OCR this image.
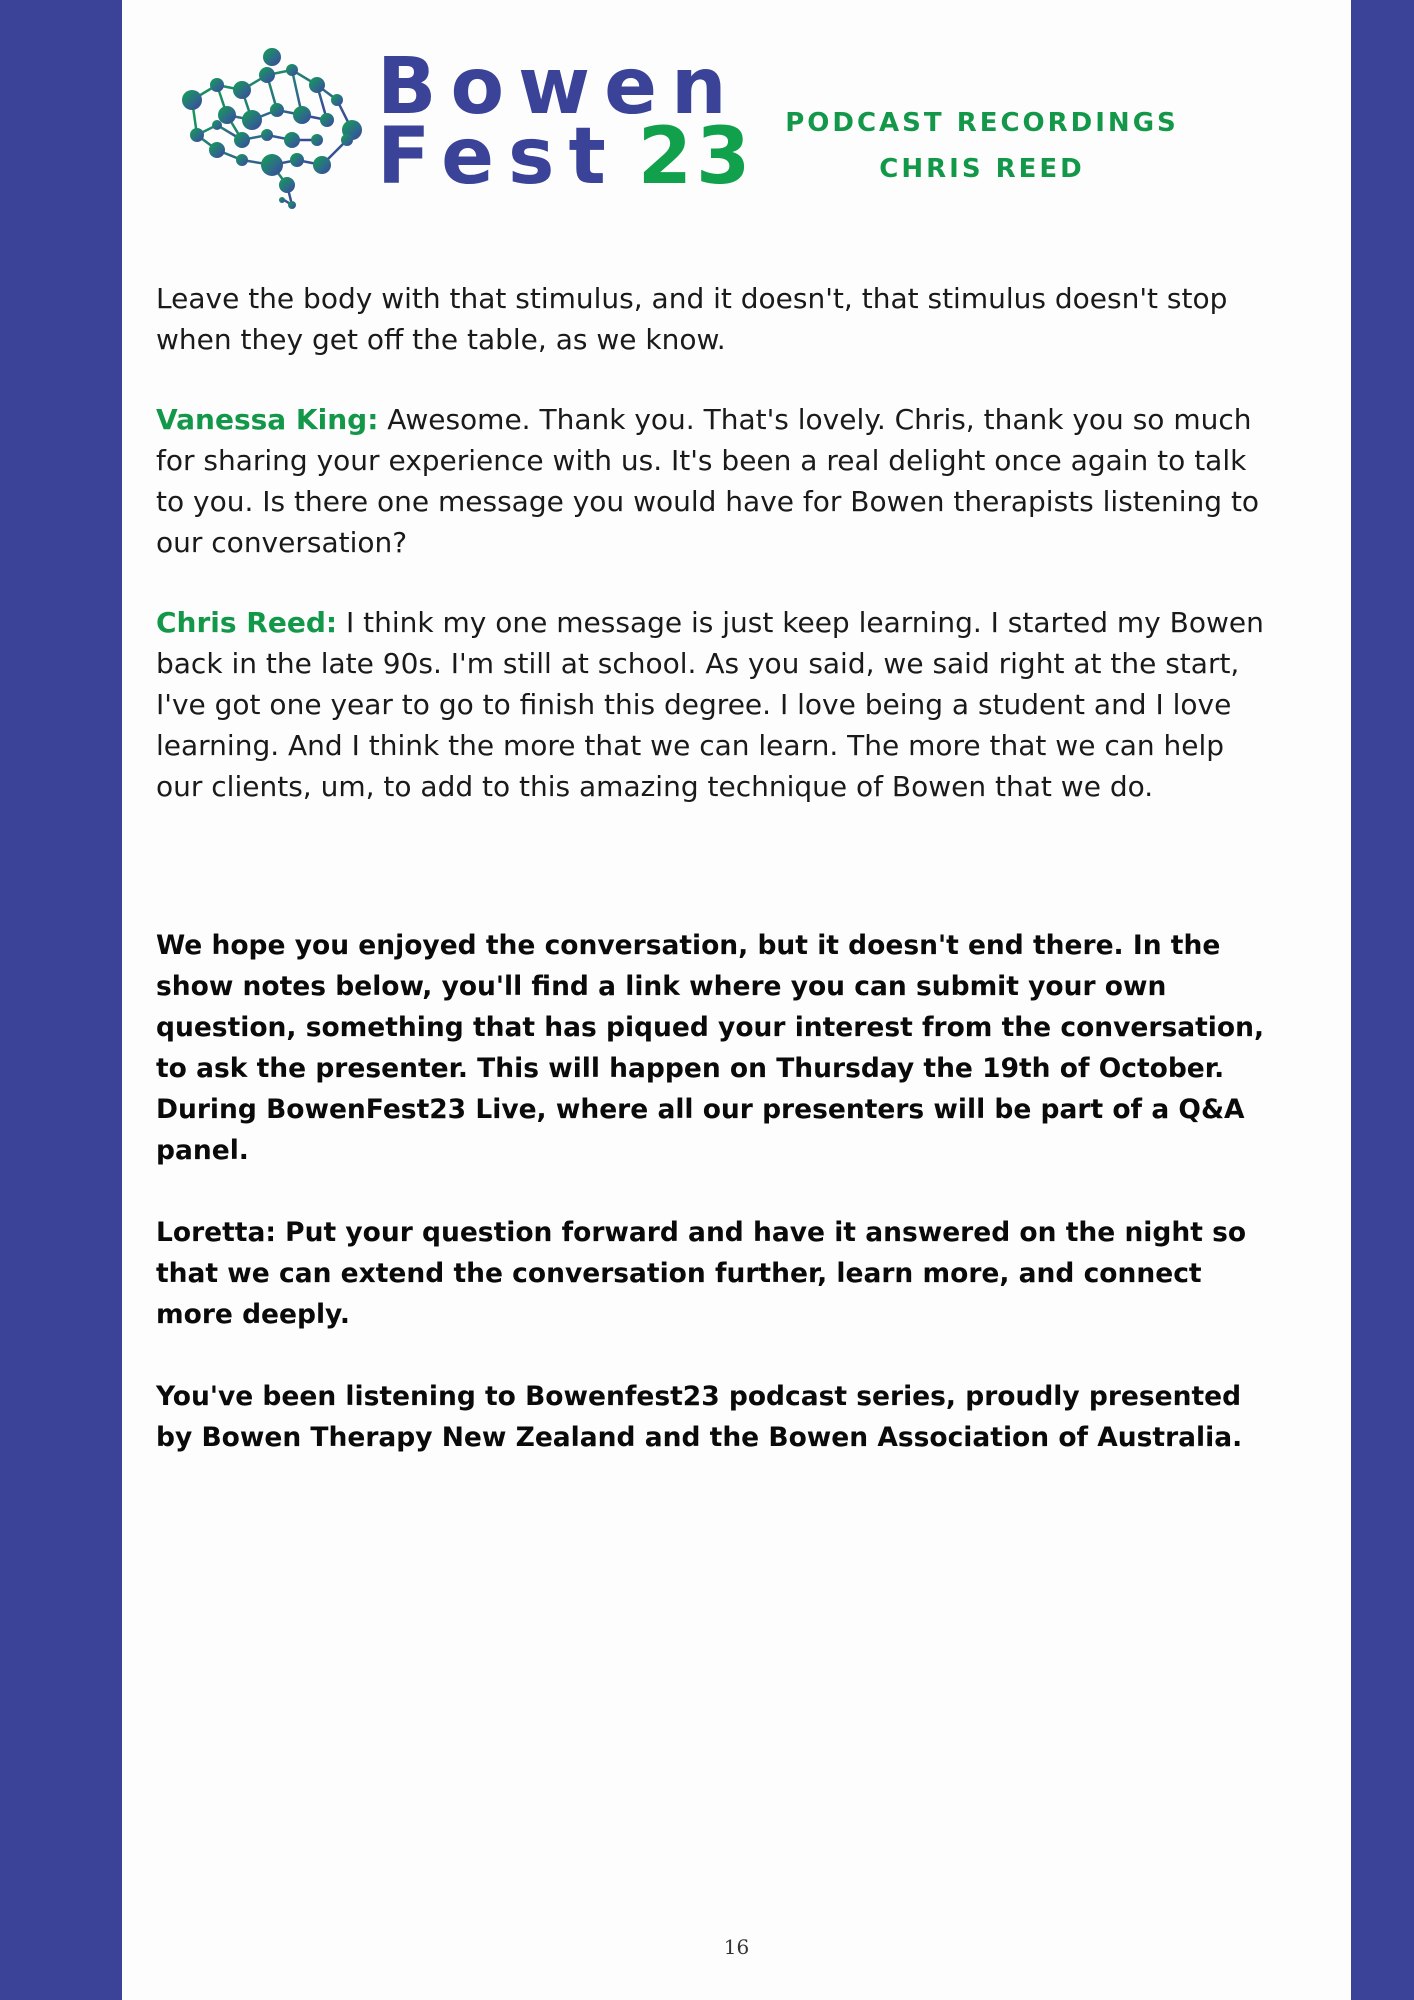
Bowen
Fest 23 PODCAST RECORDINGS
CHRIS REED

Leave the body with that stimulus, and it doesn't, that stimulus doesn't stop when they get off the table, as we know.

Vanessa King: Awesome. Thank you. That's lovely. Chris, thank you so much for sharing your experience with us. It's been a real delight once again to talk to you. Is there one message you would have for Bowen therapists listening to our conversation?

Chris Reed: I think my one message is just keep learning. I started my Bowen back in the late 90s. I'm still at school. As you said, we said right at the start, I've got one year to go to finish this degree. I love being a student and I love learning. And I think the more that we can learn. The more that we can help our clients, um, to add to this amazing technique of Bowen that we do.

We hope you enjoyed the conversation, but it doesn't end there. In the show notes below, you'll find a link where you can submit your own question, something that has piqued your interest from the conversation, to ask the presenter. This will happen on Thursday the 19th of October. During BowenFest23 Live, where all our presenters will be part of a Q&A panel.

Loretta: Put your question forward and have it answered on the night so that we can extend the conversation further, learn more, and connect more deeply.

You've been listening to Bowenfest23 podcast series, proudly presented by Bowen Therapy New Zealand and the Bowen Association of Australia.

16
